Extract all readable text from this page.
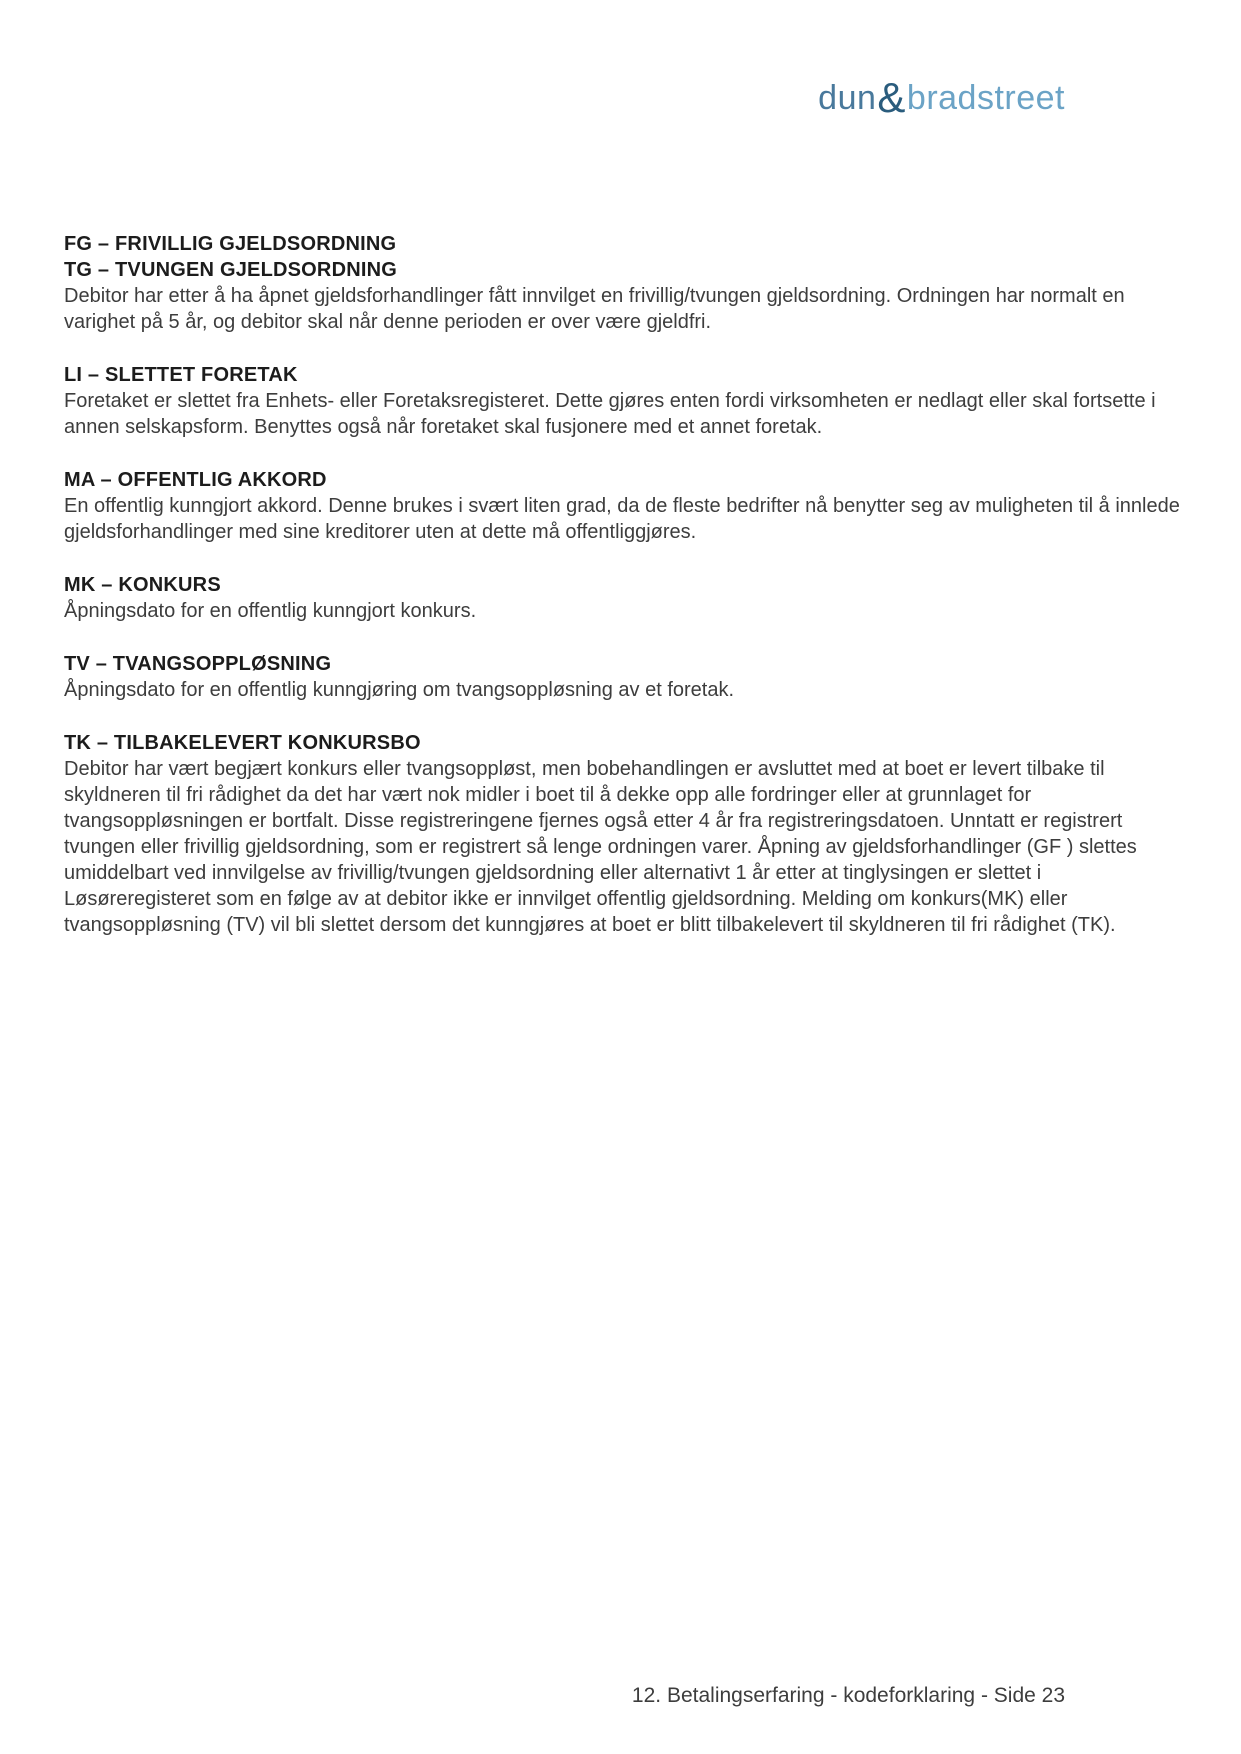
dun&bradstreet
FG – FRIVILLIG GJELDSORDNING
TG – TVUNGEN GJELDSORDNING

Debitor har etter å ha åpnet gjeldsforhandlinger fått innvilget en frivillig/tvungen gjeldsordning. Ordningen har normalt en varighet på 5 år, og debitor skal når denne perioden er over være gjeldfri.

LI – SLETTET FORETAK

Foretaket er slettet fra Enhets- eller Foretaksregisteret. Dette gjøres enten fordi virksomheten er nedlagt eller skal fortsette i annen selskapsform. Benyttes også når foretaket skal fusjonere med et annet foretak.

MA – OFFENTLIG AKKORD

En offentlig kunngjort akkord. Denne brukes i svært liten grad, da de fleste bedrifter nå benytter seg av muligheten til å innlede gjeldsforhandlinger med sine kreditorer uten at dette må offentliggjøres.

MK – KONKURS

Åpningsdato for en offentlig kunngjort konkurs.

TV – TVANGSOPPLØSNING

Åpningsdato for en offentlig kunngjøring om tvangsoppløsning av et foretak.

TK – TILBAKELEVERT KONKURSBO

Debitor har vært begjært konkurs eller tvangsoppløst, men bobehandlingen er avsluttet med at boet er levert tilbake til skyldneren til fri rådighet da det har vært nok midler i boet til å dekke opp alle fordringer eller at grunnlaget for tvangsoppløsningen er bortfalt. Disse registreringene fjernes også etter 4 år fra registreringsdatoen. Unntatt er registrert tvungen eller frivillig gjeldsordning, som er registrert så lenge ordningen varer. Åpning av gjeldsforhandlinger (GF ) slettes umiddelbart ved innvilgelse av frivillig/tvungen gjeldsordning eller alternativt 1 år etter at tinglysingen er slettet i Løsøreregisteret som en følge av at debitor ikke er innvilget offentlig gjeldsordning. Melding om konkurs(MK) eller tvangsoppløsning (TV) vil bli slettet dersom det kunngjøres at boet er blitt tilbakelevert til skyldneren til fri rådighet (TK).

12. Betalingserfaring - kodeforklaring - Side 23
